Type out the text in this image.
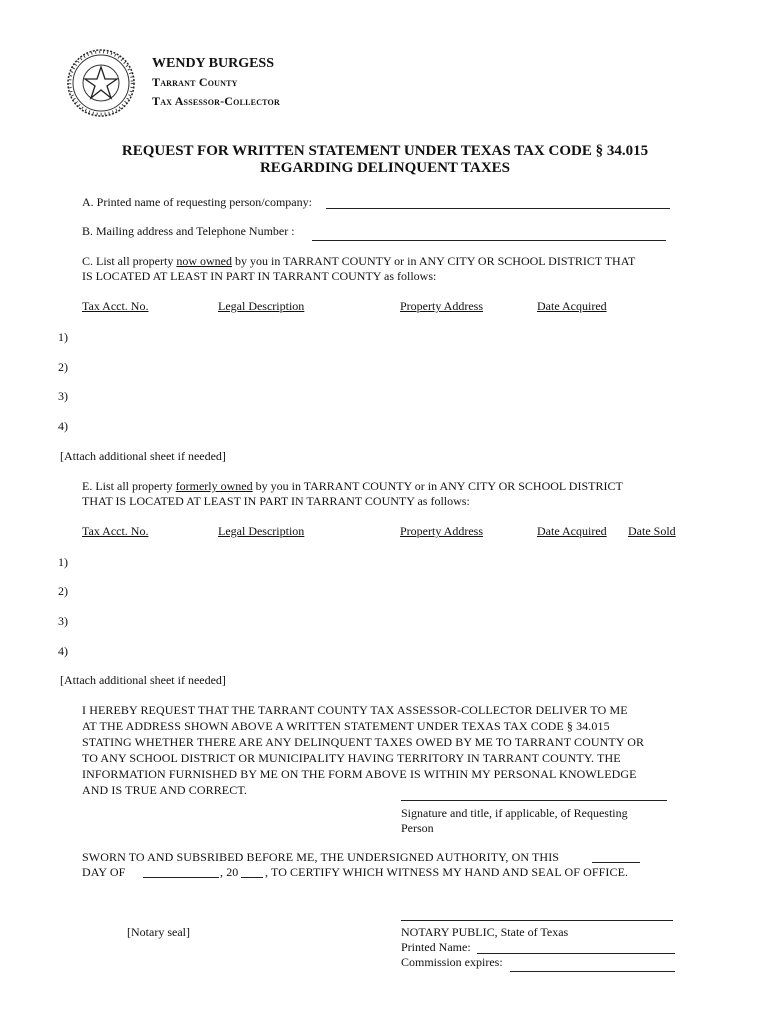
WENDY BURGESS
Tarrant County
Tax Assessor-Collector
REQUEST FOR WRITTEN STATEMENT UNDER TEXAS TAX CODE § 34.015
REGARDING DELINQUENT TAXES
A. Printed name of requesting person/company:
B. Mailing address and Telephone Number :
C. List all property now owned by you in TARRANT COUNTY or in ANY CITY OR SCHOOL DISTRICT THAT
IS LOCATED AT LEAST IN PART IN TARRANT COUNTY as follows:
Tax Acct. No.	Legal Description	Property Address	Date Acquired
1)
2)
3)
4)
[Attach additional sheet if needed]
E. List all property formerly owned by you in TARRANT COUNTY or in ANY CITY OR SCHOOL DISTRICT
THAT IS LOCATED AT LEAST IN PART IN TARRANT COUNTY as follows:
Tax Acct. No.	Legal Description	Property Address	Date Acquired Date Sold
1)
2)
3)
4)
[Attach additional sheet if needed]
I HEREBY REQUEST THAT THE TARRANT COUNTY TAX ASSESSOR-COLLECTOR DELIVER TO ME
AT THE ADDRESS SHOWN ABOVE A WRITTEN STATEMENT UNDER TEXAS TAX CODE § 34.015
STATING WHETHER THERE ARE ANY DELINQUENT TAXES OWED BY ME TO TARRANT COUNTY OR
TO ANY SCHOOL DISTRICT OR MUNICIPALITY HAVING TERRITORY IN TARRANT COUNTY. THE
INFORMATION FURNISHED BY ME ON THE FORM ABOVE IS WITHIN MY PERSONAL KNOWLEDGE
AND IS TRUE AND CORRECT.
Signature and title, if applicable, of Requesting
Person
SWORN TO AND SUBSRIBED BEFORE ME, THE UNDERSIGNED AUTHORITY, ON THIS
DAY OF	, 20 , TO CERTIFY WHICH WITNESS MY HAND AND SEAL OF OFFICE.
[Notary seal]	NOTARY PUBLIC, State of Texas
Printed Name:
Commission expires:
